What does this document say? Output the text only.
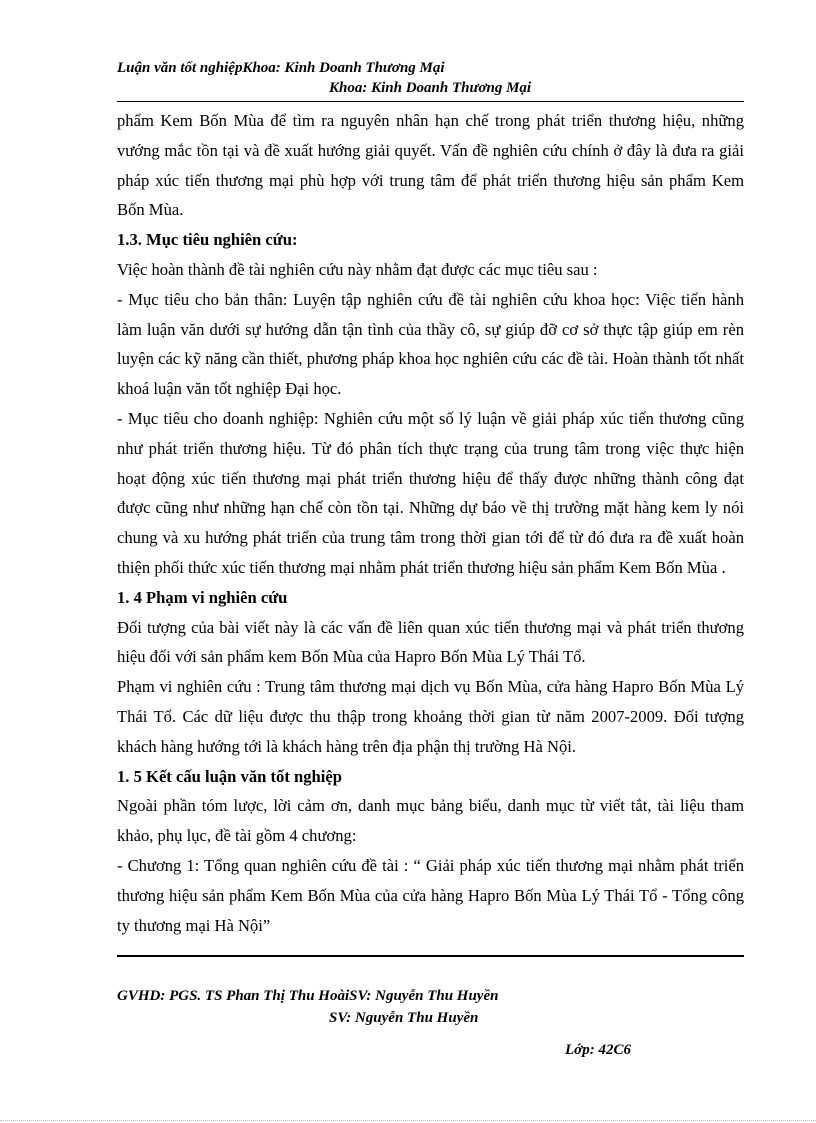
Luận văn tốt nghiệpKhoa: Kinh Doanh Thương Mại
Khoa: Kinh Doanh Thương Mại

phẩm Kem Bốn Mùa để tìm ra nguyên nhân hạn chế trong phát triển thương hiệu, những vướng mắc tồn tại và đề xuất hướng giải quyết. Vấn đề nghiên cứu chính ở đây là đưa ra giải pháp xúc tiến thương mại phù hợp với trung tâm để phát triển thương hiệu sản phẩm Kem Bốn Mùa.

1.3. Mục tiêu nghiên cứu:

Việc hoàn thành đề tài nghiên cứu này nhằm đạt được các mục tiêu sau :

- Mục tiêu cho bản thân: Luyện tập nghiên cứu đề tài nghiên cứu khoa học: Việc tiến hành làm luận văn dưới sự hướng dẫn tận tình của thầy cô, sự giúp đỡ cơ sở thực tập giúp em rèn luyện các kỹ năng cần thiết, phương pháp khoa học nghiên cứu các đề tài. Hoàn thành tốt nhất khoá luận văn tốt nghiệp Đại học.

- Mục tiêu cho doanh nghiệp: Nghiên cứu một số lý luận về giải pháp xúc tiến thương cũng như phát triển thương hiệu. Từ đó phân tích thực trạng của trung tâm trong việc thực hiện hoạt động xúc tiến thương mại phát triển thương hiệu để thấy được những thành công đạt được cũng như những hạn chế còn tồn tại. Những dự báo về thị trường mặt hàng kem ly nói chung và xu hướng phát triển của trung tâm trong thời gian tới để từ đó đưa ra đề xuất hoàn thiện phối thức xúc tiến thương mại nhằm phát triển thương hiệu sản phẩm Kem Bốn Mùa .

1. 4 Phạm vi nghiên cứu

Đối tượng của bài viết này là các vấn đề liên quan xúc tiến thương mại và phát triển thương hiệu đối với sản phẩm kem Bốn Mùa của Hapro Bốn Mùa Lý Thái Tổ.

Phạm vi nghiên cứu : Trung tâm thương mại dịch vụ Bốn Mùa, cửa hàng Hapro Bốn Mùa Lý Thái Tổ. Các dữ liệu được thu thập trong khoảng thời gian từ năm 2007-2009. Đối tượng khách hàng hướng tới là khách hàng trên địa phận thị trường Hà Nội.

1. 5 Kết cấu luận văn tốt nghiệp

Ngoài phần tóm lược, lời cảm ơn, danh mục bảng biểu, danh mục từ viết tắt, tài liệu tham khảo, phụ lục, đề tài gồm 4 chương:

- Chương 1: Tổng quan nghiên cứu đề tài : “ Giải pháp xúc tiến thương mại nhằm phát triển thương hiệu sản phẩm Kem Bốn Mùa của cửa hàng Hapro Bốn Mùa Lý Thái Tổ - Tổng công ty thương mại Hà Nội”

GVHD: PGS. TS Phan Thị Thu HoàiSV: Nguyễn Thu Huyền
SV: Nguyễn Thu Huyền
Lớp: 42C6
